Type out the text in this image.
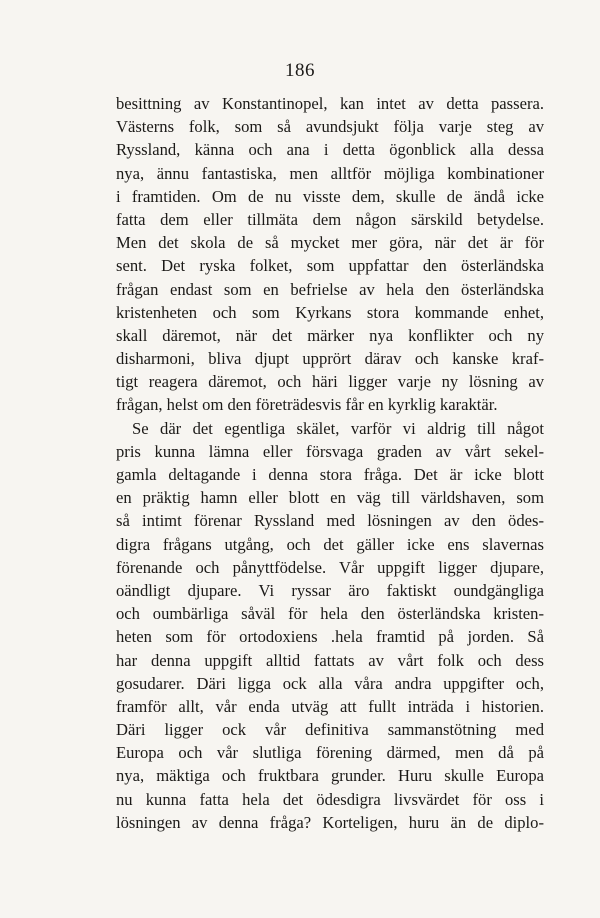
186
besittning av Konstantinopel, kan intet av detta passera.
Västerns folk, som så avundsjukt följa varje steg av
Ryssland, känna och ana i detta ögonblick alla dessa
nya, ännu fantastiska, men alltför möjliga kombinationer
i framtiden. Om de nu visste dem, skulle de ändå icke
fatta dem eller tillmäta dem någon särskild betydelse.
Men det skola de så mycket mer göra, när det är för
sent. Det ryska folket, som uppfattar den österländska
frågan endast som en befrielse av hela den österländska
kristenheten och som Kyrkans stora kommande enhet,
skall däremot, när det märker nya konflikter och ny
disharmoni, bliva djupt upprört därav och kanske kraf-
tigt reagera däremot, och häri ligger varje ny lösning av
frågan, helst om den företrädesvis får en kyrklig karaktär.
Se där det egentliga skälet, varför vi aldrig till något
pris kunna lämna eller försvaga graden av vårt sekel-
gamla deltagande i denna stora fråga. Det är icke blott
en präktig hamn eller blott en väg till världshaven, som
så intimt förenar Ryssland med lösningen av den ödes-
digra frågans utgång, och det gäller icke ens slavernas
förenande och pånyttfödelse. Vår uppgift ligger djupare,
oändligt djupare. Vi ryssar äro faktiskt oundgängliga
och oumbärliga såväl för hela den österländska kristen-
heten som för ortodoxiens .hela framtid på jorden. Så
har denna uppgift alltid fattats av vårt folk och dess
gosudarer. Däri ligga ock alla våra andra uppgifter och,
framför allt, vår enda utväg att fullt inträda i historien.
Däri ligger ock vår definitiva sammanstötning med
Europa och vår slutliga förening därmed, men då på
nya, mäktiga och fruktbara grunder. Huru skulle Europa
nu kunna fatta hela det ödesdigra livsvärdet för oss i
lösningen av denna fråga? Korteligen, huru än de diplo-
